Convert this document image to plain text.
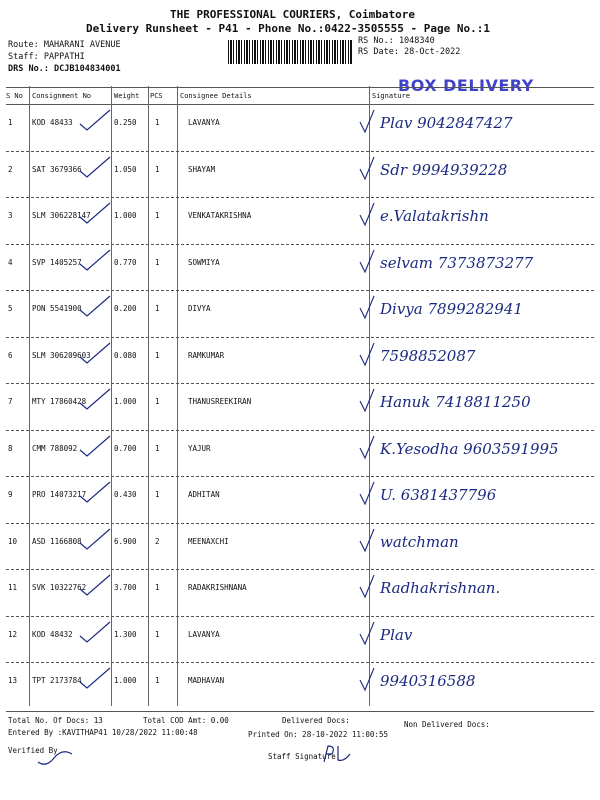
THE PROFESSIONAL COURIERS, Coimbatore
Delivery Runsheet - P41 - Phone No.:0422-3505555 - Page No.:1
Route: MAHARANI AVENUE
Staff: PAPPATHI
DRS No.: DCJB104834001
RS No.: 1048340
RS Date: 28-Oct-2022
S No Consignment No	Weight PCS Consignee Details	Signature
BOX DELIVERY
1	KOD 48433	0.250 1	LAVANYA	Plav 9042847427
2	SAT 3679366	1.050 1	SHAYAM	Sdr 9994939228
3	SLM 306228147	1.000 1	VENKATAKRISHNA	e.Valatakrishn
4	SVP 1405257	0.770 1	SOWMIYA	selvam 7373873277
5	PON 5541900	0.200 1	DIVYA	Divya 7899282941
6	SLM 306209603	0.080 1	RAMKUMAR	7598852087
7	MTY 17860428	1.000 1	THANUSREEKIRAN	Hanuk 7418811250
8	CMM 788092	0.700 1	YAJUR	K.Yesodha 9603591995
9	PRO 14073217	0.430 1	ADHITAN	U. 6381437796
10 ASD 1166808	6.900 2	MEENAXCHI	watchman
11 SVK 10322762	3.700 1	RADAKRISHNANA	Radhakrishnan.
12 KOD 48432	1.300 1	LAVANYA	Plav
13 TPT 2173784	1.000 1	MADHAVAN	9940316588
Total No. Of Docs: 13	Total COD Amt: 0.00	Delivered Docs:	Non Delivered Docs:
Entered By :KAVITHAP41 10/28/2022 11:00:48	Printed On: 28-10-2022 11:00:55
Verified By
Staff Signature
